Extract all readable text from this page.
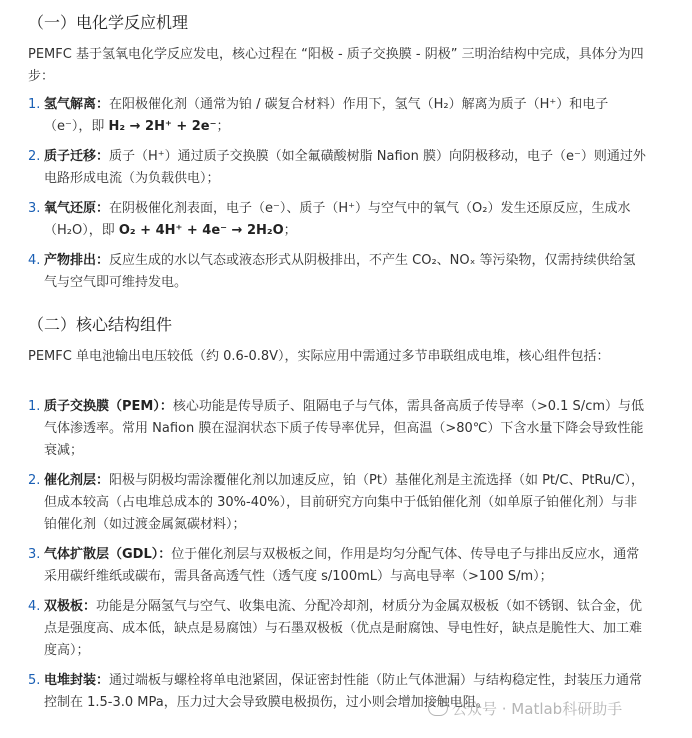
（一）电化学反应机理
PEMFC 基于氢氧电化学反应发电，核心过程在 “阳极 - 质子交换膜 - 阴极” 三明治结构中完成，具体分为四步：
1. 氢气解离：在阳极催化剂（通常为铂 / 碳复合材料）作用下，氢气（H₂）解离为质子（H⁺）和电子（e⁻），即 H₂ → 2H⁺ + 2e⁻；
2. 质子迁移：质子（H⁺）通过质子交换膜（如全氟磺酸树脂 Nafion 膜）向阴极移动，电子（e⁻）则通过外电路形成电流（为负载供电）；
3. 氧气还原：在阴极催化剂表面，电子（e⁻）、质子（H⁺）与空气中的氧气（O₂）发生还原反应，生成水（H₂O），即 O₂ + 4H⁺ + 4e⁻ → 2H₂O；
4. 产物排出：反应生成的水以气态或液态形式从阴极排出，不产生 CO₂、NOₓ 等污染物，仅需持续供给氢气与空气即可维持发电。
（二）核心结构组件
PEMFC 单电池输出电压较低（约 0.6-0.8V），实际应用中需通过多节串联组成电堆，核心组件包括：
1. 质子交换膜（PEM）：核心功能是传导质子、阻隔电子与气体，需具备高质子传导率（>0.1 S/cm）与低气体渗透率。常用 Nafion 膜在湿润状态下质子传导率优异，但高温（>80℃）下含水量下降会导致性能衰减；
2. 催化剂层：阳极与阴极均需涂覆催化剂以加速反应，铂（Pt）基催化剂是主流选择（如 Pt/C、PtRu/C），但成本较高（占电堆总成本的 30%-40%），目前研究方向集中于低铂催化剂（如单原子铂催化剂）与非铂催化剂（如过渡金属氮碳材料）；
3. 气体扩散层（GDL）：位于催化剂层与双极板之间，作用是均匀分配气体、传导电子与排出反应水，通常采用碳纤维纸或碳布，需具备高透气性（透气度 s/100mL）与高电导率（>100 S/m）；
4. 双极板：功能是分隔氢气与空气、收集电流、分配冷却剂，材质分为金属双极板（如不锈钢、钛合金，优点是强度高、成本低，缺点是易腐蚀）与石墨双极板（优点是耐腐蚀、导电性好，缺点是脆性大、加工难度高）；
5. 电堆封装：通过端板与螺栓将单电池紧固，保证密封性能（防止气体泄漏）与结构稳定性，封装压力通常控制在 1.5-3.0 MPa，压力过大会导致膜电极损伤，过小则会增加接触电阻。
公众号 · Matlab科研助手
